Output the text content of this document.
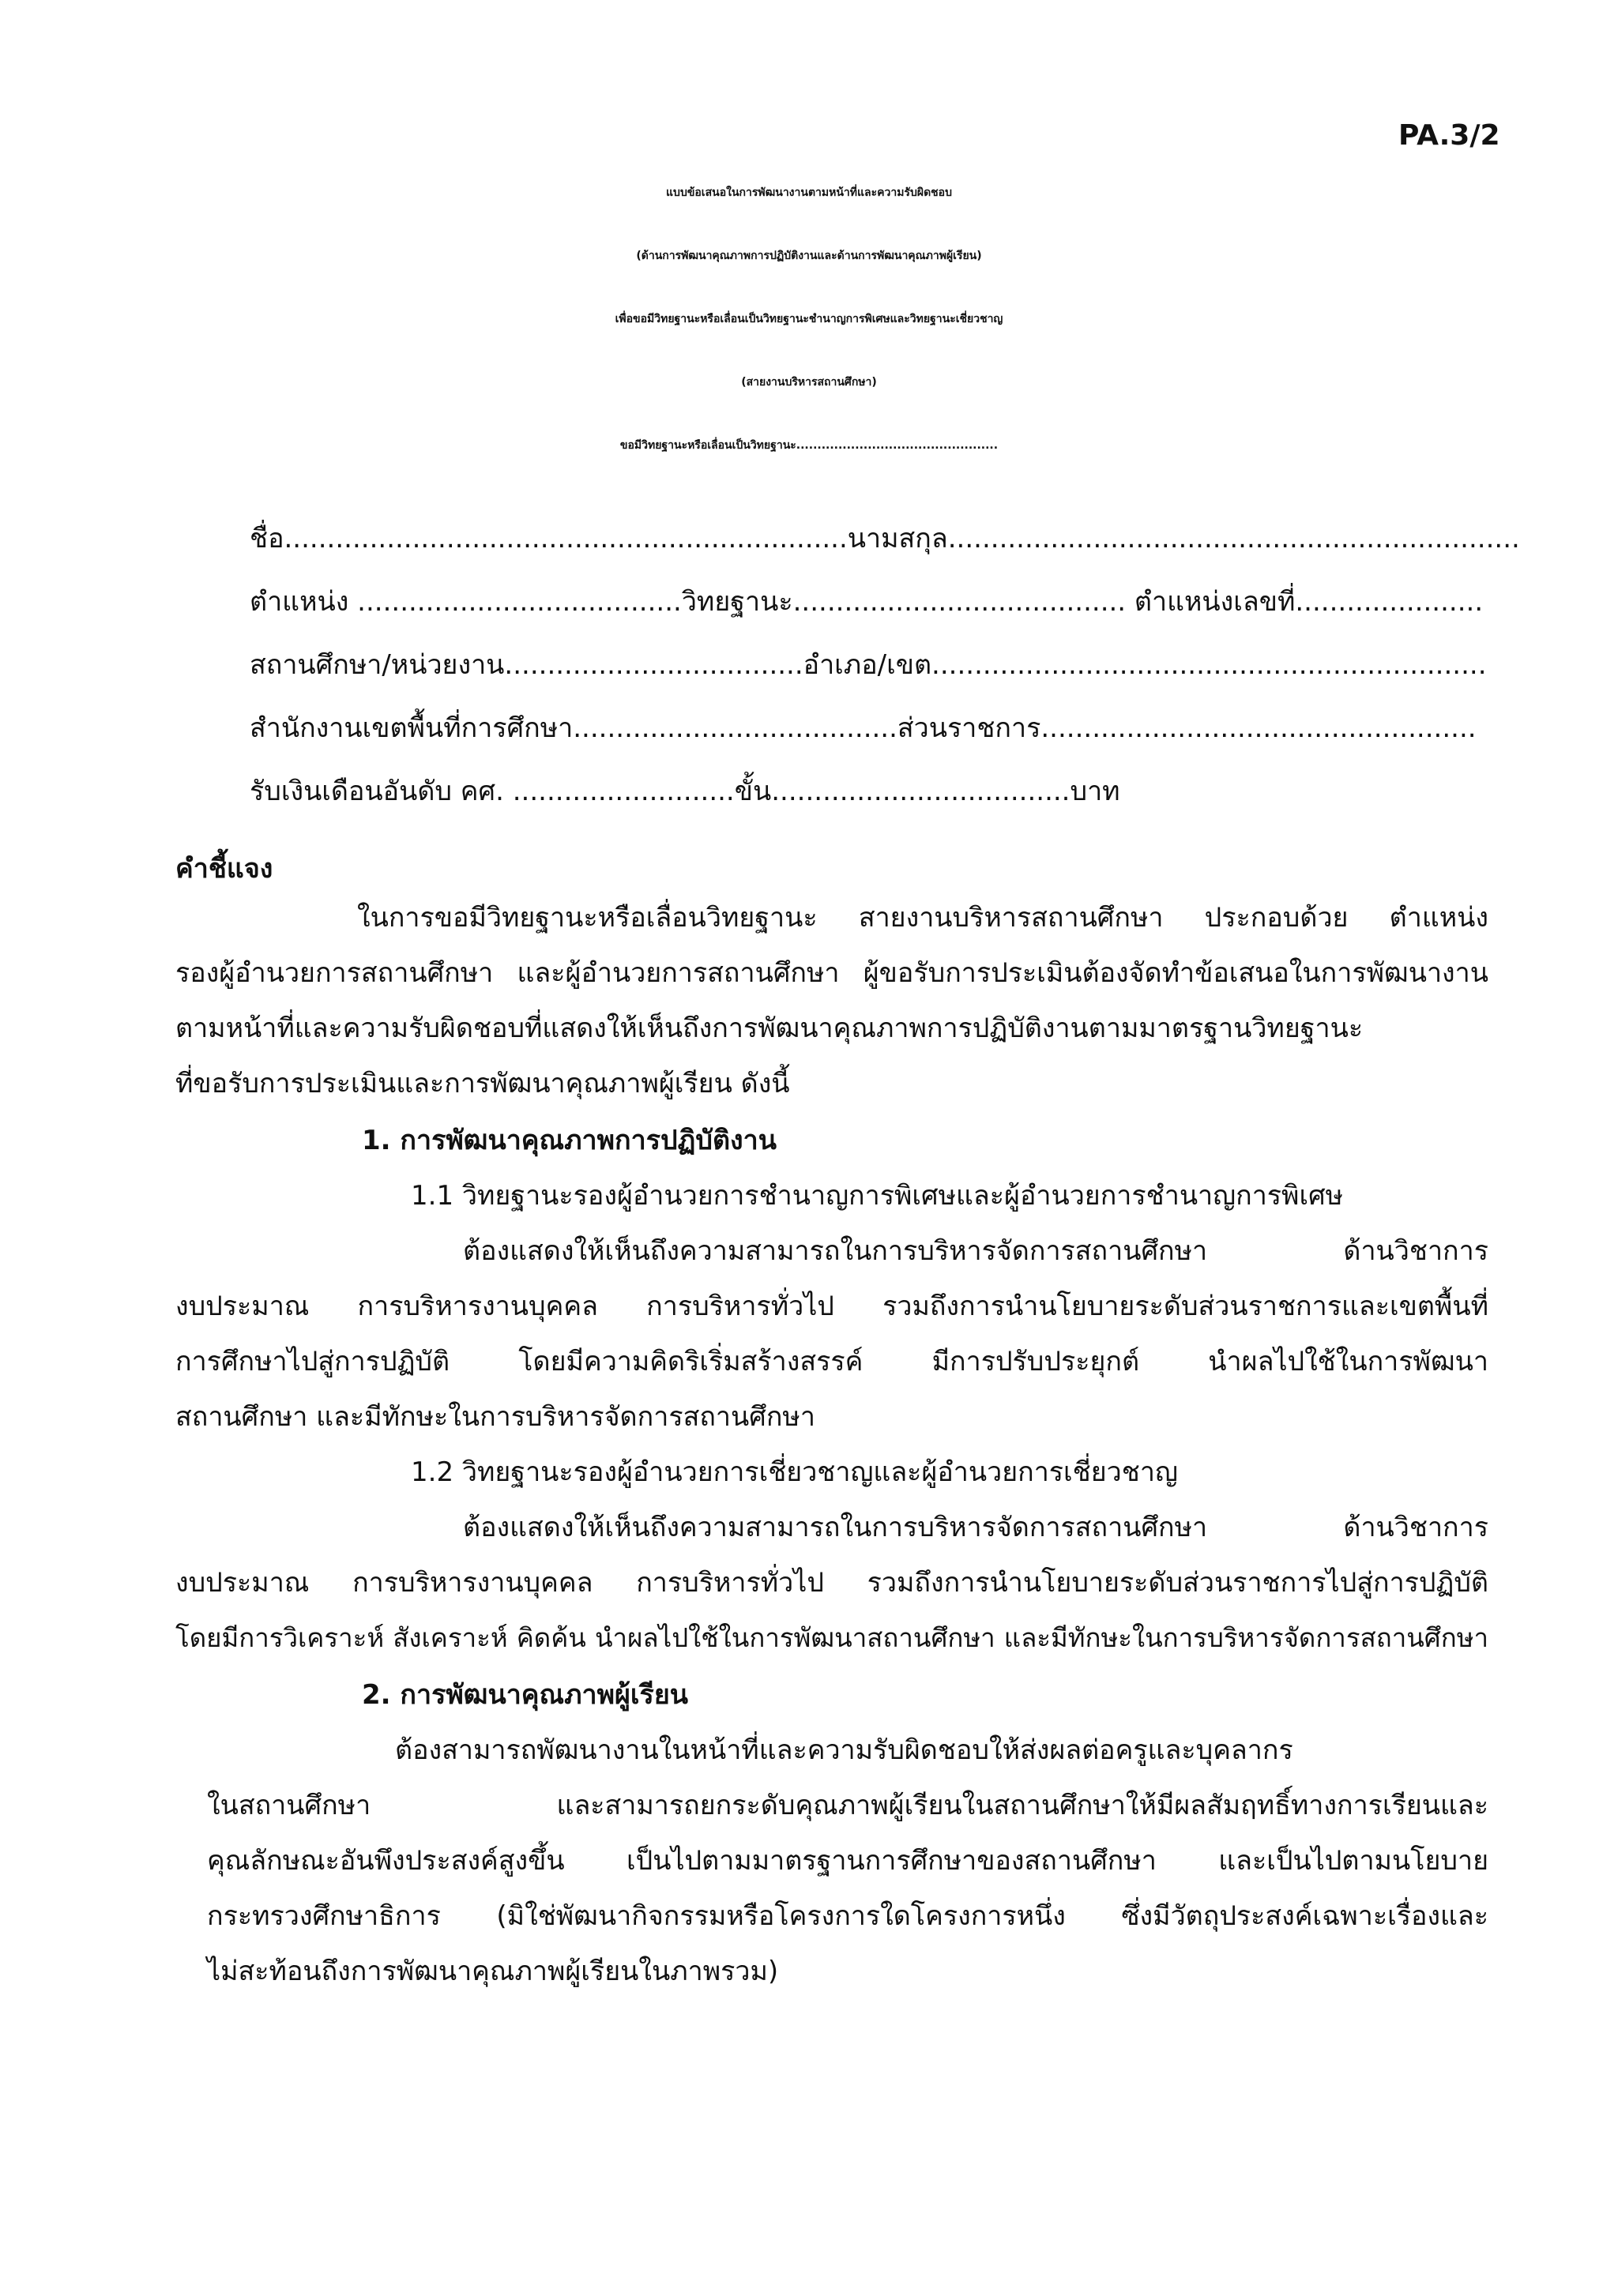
PA.3/2
แบบข้อเสนอในการพัฒนางานตามหน้าที่และความรับผิดชอบ
(ด้านการพัฒนาคุณภาพการปฏิบัติงานและด้านการพัฒนาคุณภาพผู้เรียน)
เพื่อขอมีวิทยฐานะหรือเลื่อนเป็นวิทยฐานะชำนาญการพิเศษและวิทยฐานะเชี่ยวชาญ
(สายงานบริหารสถานศึกษา)
ขอมีวิทยฐานะหรือเลื่อนเป็นวิทยฐานะ................................................
ชื่อ..................................................................นามสกุล...................................................................
ตำแหน่ง ......................................วิทยฐานะ....................................... ตำแหน่งเลขที่......................
สถานศึกษา/หน่วยงาน...................................อำเภอ/เขต.................................................................
สำนักงานเขตพื้นที่การศึกษา......................................ส่วนราชการ...................................................
รับเงินเดือนอันดับ คศ. ..........................ขั้น...................................บาท
คำชี้แจง
ในการขอมีวิทยฐานะหรือเลื่อนวิทยฐานะ สายงานบริหารสถานศึกษา ประกอบด้วย ตำแหน่ง
รองผู้อำนวยการสถานศึกษา และผู้อำนวยการสถานศึกษา ผู้ขอรับการประเมินต้องจัดทำข้อเสนอในการพัฒนางาน
ตามหน้าที่และความรับผิดชอบที่แสดงให้เห็นถึงการพัฒนาคุณภาพการปฏิบัติงานตามมาตรฐานวิทยฐานะ
ที่ขอรับการประเมินและการพัฒนาคุณภาพผู้เรียน ดังนี้
1. การพัฒนาคุณภาพการปฏิบัติงาน
1.1 วิทยฐานะรองผู้อำนวยการชำนาญการพิเศษและผู้อำนวยการชำนาญการพิเศษ
ต้องแสดงให้เห็นถึงความสามารถในการบริหารจัดการสถานศึกษา ด้านวิชาการ
งบประมาณ การบริหารงานบุคคล การบริหารทั่วไป รวมถึงการนำนโยบายระดับส่วนราชการและเขตพื้นที่
การศึกษาไปสู่การปฏิบัติ โดยมีความคิดริเริ่มสร้างสรรค์ มีการปรับประยุกต์ นำผลไปใช้ในการพัฒนา
สถานศึกษา และมีทักษะในการบริหารจัดการสถานศึกษา
1.2 วิทยฐานะรองผู้อำนวยการเชี่ยวชาญและผู้อำนวยการเชี่ยวชาญ
ต้องแสดงให้เห็นถึงความสามารถในการบริหารจัดการสถานศึกษา ด้านวิชาการ
งบประมาณ การบริหารงานบุคคล การบริหารทั่วไป รวมถึงการนำนโยบายระดับส่วนราชการไปสู่การปฏิบัติ
โดยมีการวิเคราะห์ สังเคราะห์ คิดค้น นำผลไปใช้ในการพัฒนาสถานศึกษา และมีทักษะในการบริหารจัดการสถานศึกษา
2. การพัฒนาคุณภาพผู้เรียน
ต้องสามารถพัฒนางานในหน้าที่และความรับผิดชอบให้ส่งผลต่อครูและบุคลากร
ในสถานศึกษา และสามารถยกระดับคุณภาพผู้เรียนในสถานศึกษาให้มีผลสัมฤทธิ์ทางการเรียนและ
คุณลักษณะอันพึงประสงค์สูงขึ้น เป็นไปตามมาตรฐานการศึกษาของสถานศึกษา และเป็นไปตามนโยบาย
กระทรวงศึกษาธิการ (มิใช่พัฒนากิจกรรมหรือโครงการใดโครงการหนึ่ง ซึ่งมีวัตถุประสงค์เฉพาะเรื่องและ
ไม่สะท้อนถึงการพัฒนาคุณภาพผู้เรียนในภาพรวม)
